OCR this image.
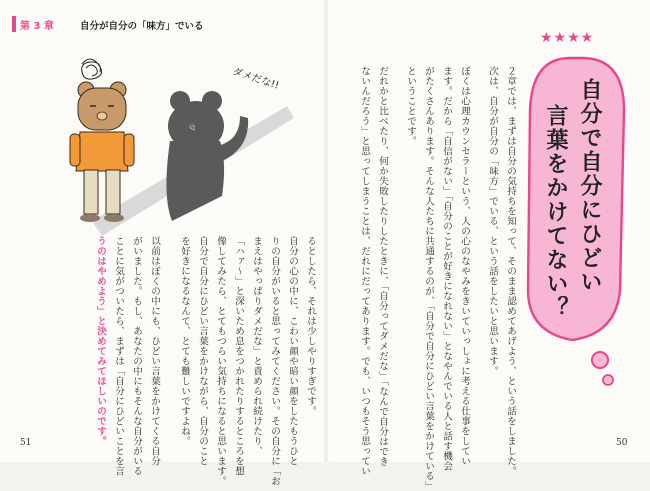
第 3 章	自分が自分の「味方」でいる
ᐛ
ダメだな!!
るとしたら、それは少しやりすぎです。
自分の心の中に、こわい顔や暗い顔をしたもうひと
りの自分がいると思ってみてください。その自分に「お
まえはやっぱりダメだな」と責められ続けたり、
「ハァ〜」と深いため息をつかれたりするところを想
像してみたら、とてもつらい気持ちになると思います。
自分で自分にひどい言葉をかけながら、自分のこと
を好きになるなんて、とても難しいですよね。
以前はぼくの中にも、ひどい言葉をかけてくる自分
がいました。もし、あなたの中にもそんな自分がいる
ことに気がついたら、まずは「自分にひどいことを言
うのはやめよう」と決めてみてほしいのです。	２章では、まずは自分の気持ちを知って、そのまま認めてあげよう、という話をしました。
次は、自分が自分の「味方」でいる、という話をしたいと思います。
ぼくは心理カウンセラーという、人の心のなやみをきいていっしょに考える仕事をしてい
ます。だから「自信がない」「自分のことが好きになれない」となやんでいる人と話す機会
がたくさんあります。そんな人たちに共通するのが、「自分で自分にひどい言葉をかけている」
ということです。
だれかと比べたり、何か失敗したりしたときに、「自分ってダメだな」「なんで自分はでき
ないんだろう」と思ってしまうことは、だれにだってあります。でも、いつもそう思ってい
★★★★
自分で自分にひどい
言葉をかけてない？
51	50
